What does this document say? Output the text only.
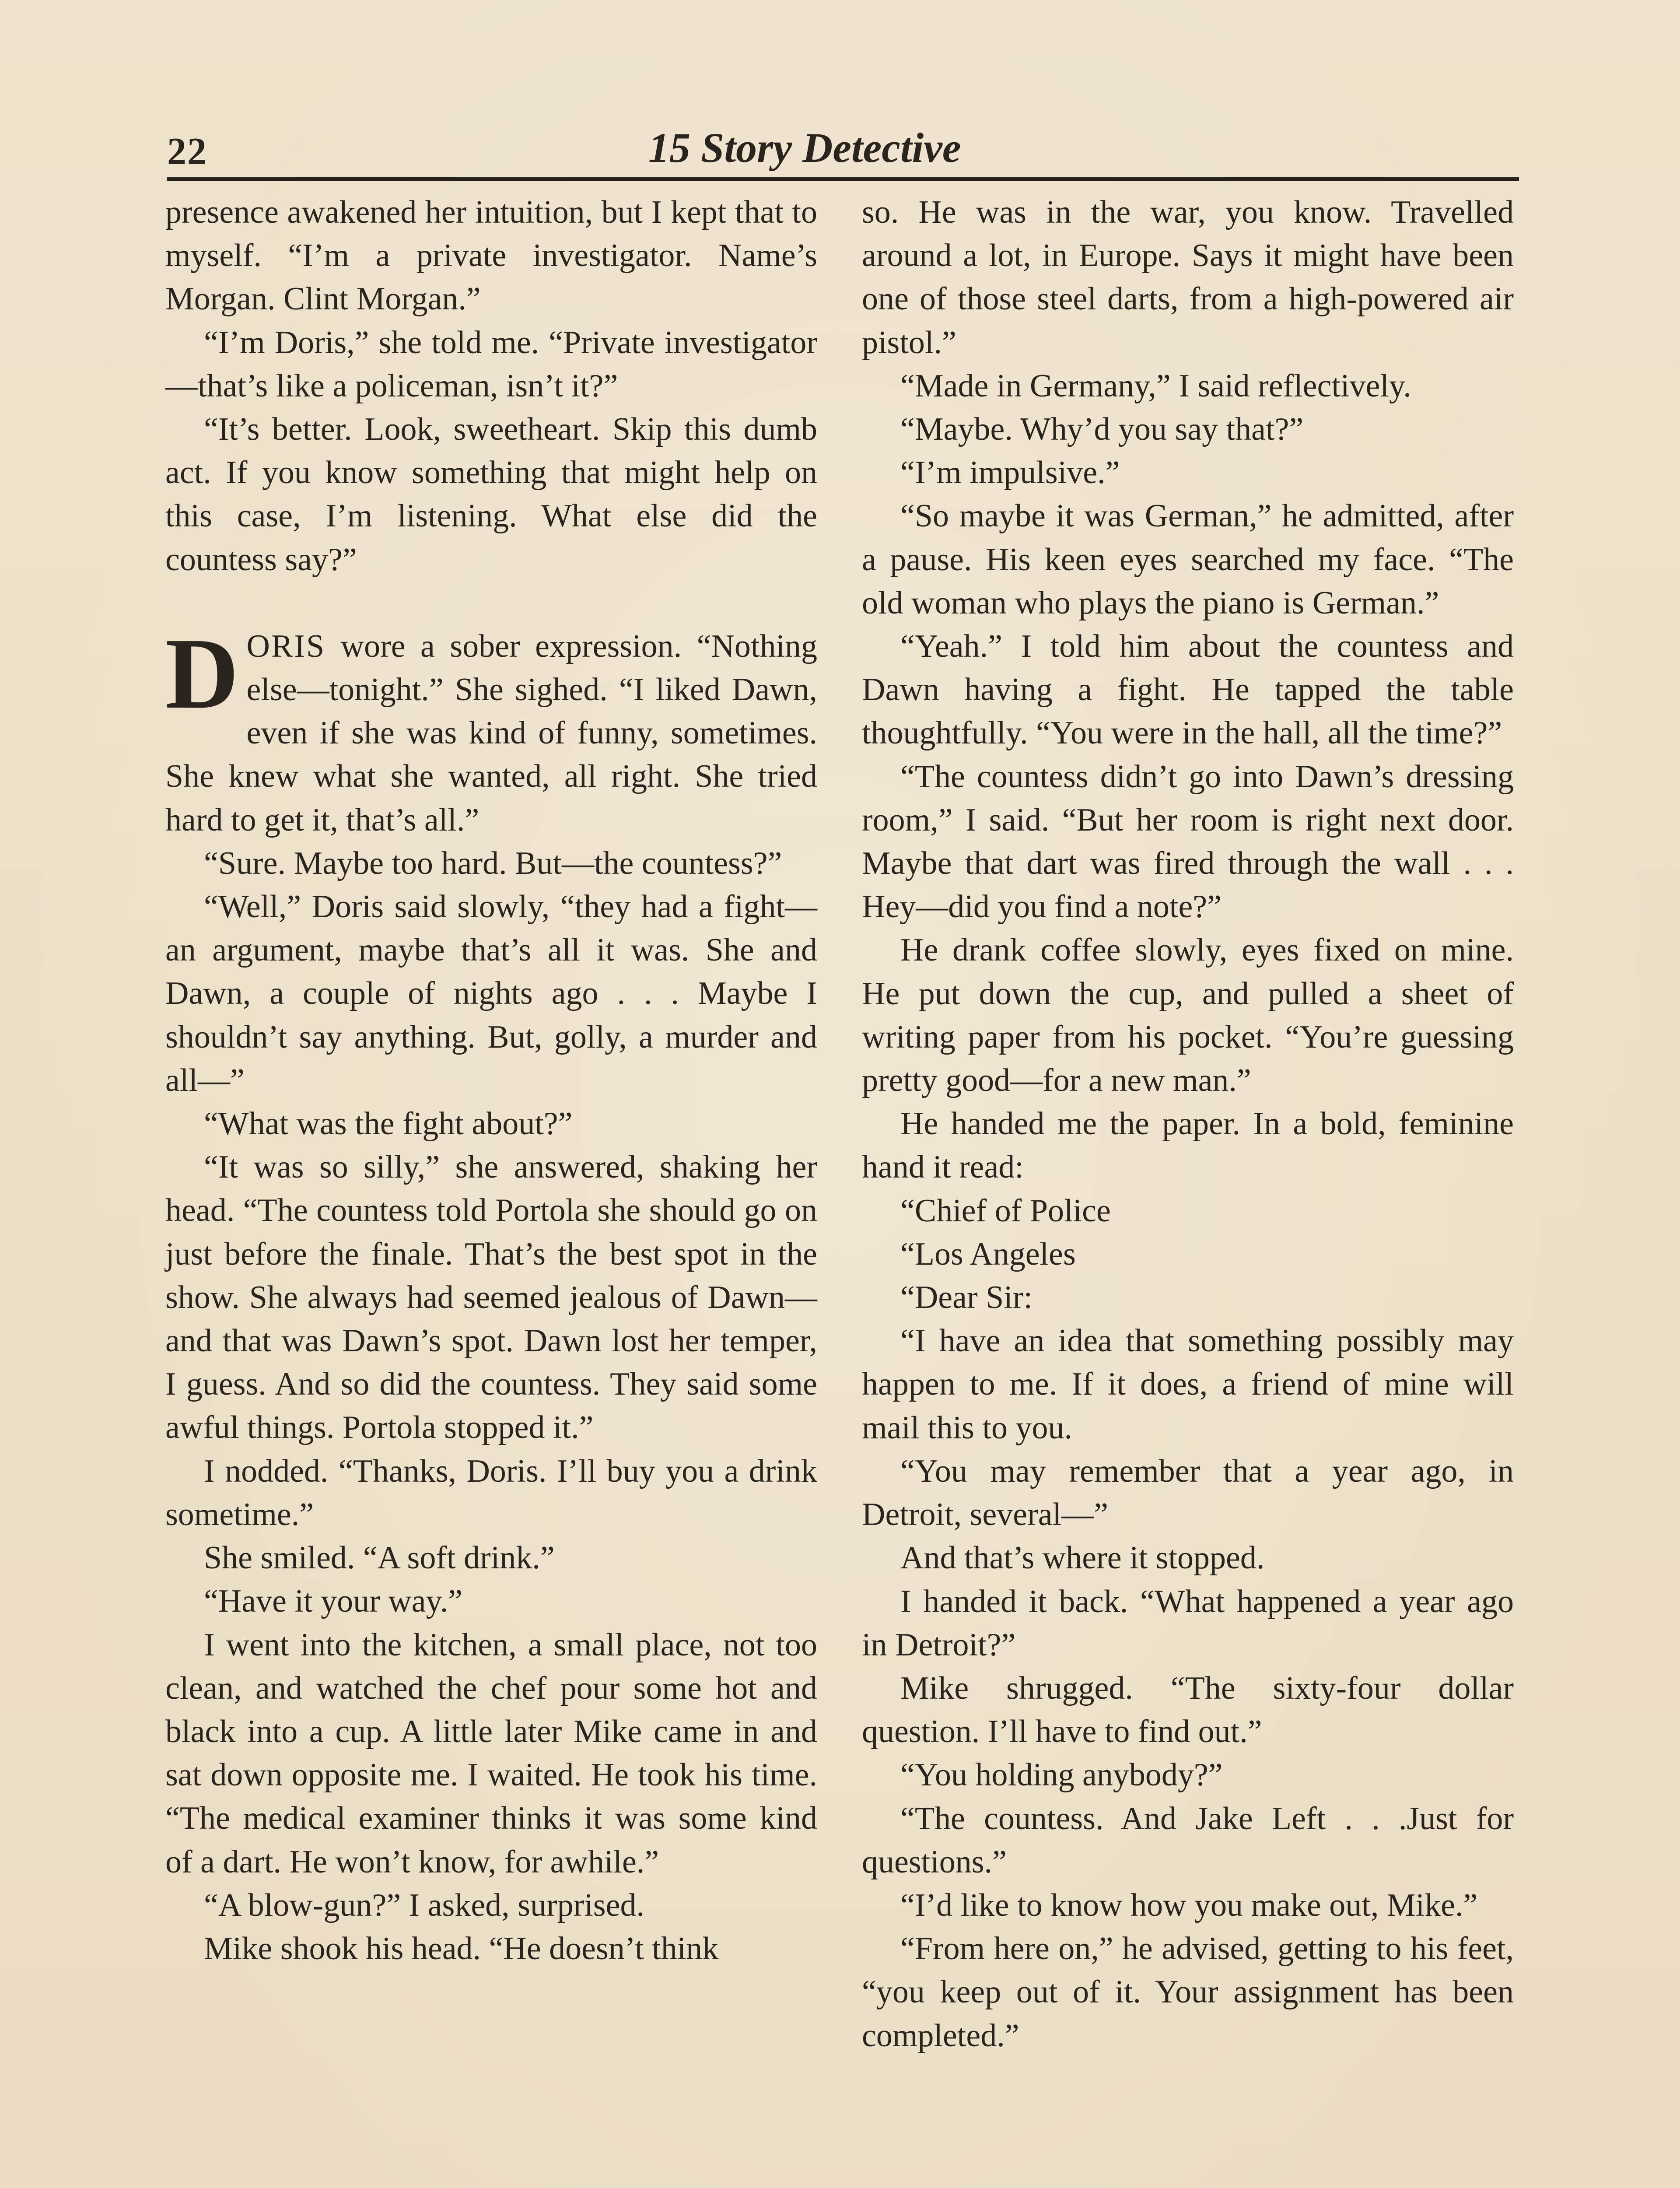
22	15 Story Detective

presence awakened her intuition, but I kept that to myself. “I’m a private investigator. Name’s Morgan. Clint Morgan.”

“I’m Doris,” she told me. “Private investigator—that’s like a policeman, isn’t it?”

“It’s better. Look, sweetheart. Skip this dumb act. If you know something that might help on this case, I’m listening. What else did the countess say?”

DORIS wore a sober expression. “Nothing else—tonight.” She sighed. “I liked Dawn, even if she was kind of funny, sometimes. She knew what she wanted, all right. She tried hard to get it, that’s all.”

“Sure. Maybe too hard. But—the countess?”

“Well,” Doris said slowly, “they had a fight—an argument, maybe that’s all it was. She and Dawn, a couple of nights ago . . . Maybe I shouldn’t say anything. But, golly, a murder and all—”

“What was the fight about?”

“It was so silly,” she answered, shaking her head. “The countess told Portola she should go on just before the finale. That’s the best spot in the show. She always had seemed jealous of Dawn—and that was Dawn’s spot. Dawn lost her temper, I guess. And so did the countess. They said some awful things. Portola stopped it.”

I nodded. “Thanks, Doris. I’ll buy you a drink sometime.”

She smiled. “A soft drink.”

“Have it your way.”

I went into the kitchen, a small place, not too clean, and watched the chef pour some hot and black into a cup. A little later Mike came in and sat down opposite me. I waited. He took his time. “The medical examiner thinks it was some kind of a dart. He won’t know, for awhile.”

“A blow-gun?” I asked, surprised.

Mike shook his head. “He doesn’t think

so. He was in the war, you know. Travelled around a lot, in Europe. Says it might have been one of those steel darts, from a high-powered air pistol.”

“Made in Germany,” I said reflectively.

“Maybe. Why’d you say that?”

“I’m impulsive.”

“So maybe it was German,” he admitted, after a pause. His keen eyes searched my face. “The old woman who plays the piano is German.”

“Yeah.” I told him about the countess and Dawn having a fight. He tapped the table thoughtfully. “You were in the hall, all the time?”

“The countess didn’t go into Dawn’s dressing room,” I said. “But her room is right next door. Maybe that dart was fired through the wall . . . Hey—did you find a note?”

He drank coffee slowly, eyes fixed on mine. He put down the cup, and pulled a sheet of writing paper from his pocket. “You’re guessing pretty good—for a new man.”

He handed me the paper. In a bold, feminine hand it read:

“Chief of Police

“Los Angeles

“Dear Sir:

“I have an idea that something possibly may happen to me. If it does, a friend of mine will mail this to you.

“You may remember that a year ago, in Detroit, several—”

And that’s where it stopped.

I handed it back. “What happened a year ago in Detroit?”

Mike shrugged. “The sixty-four dollar question. I’ll have to find out.”

“You holding anybody?”

“The countess. And Jake Left . . .Just for questions.”

“I’d like to know how you make out, Mike.”

“From here on,” he advised, getting to his feet, “you keep out of it. Your assignment has been completed.”
